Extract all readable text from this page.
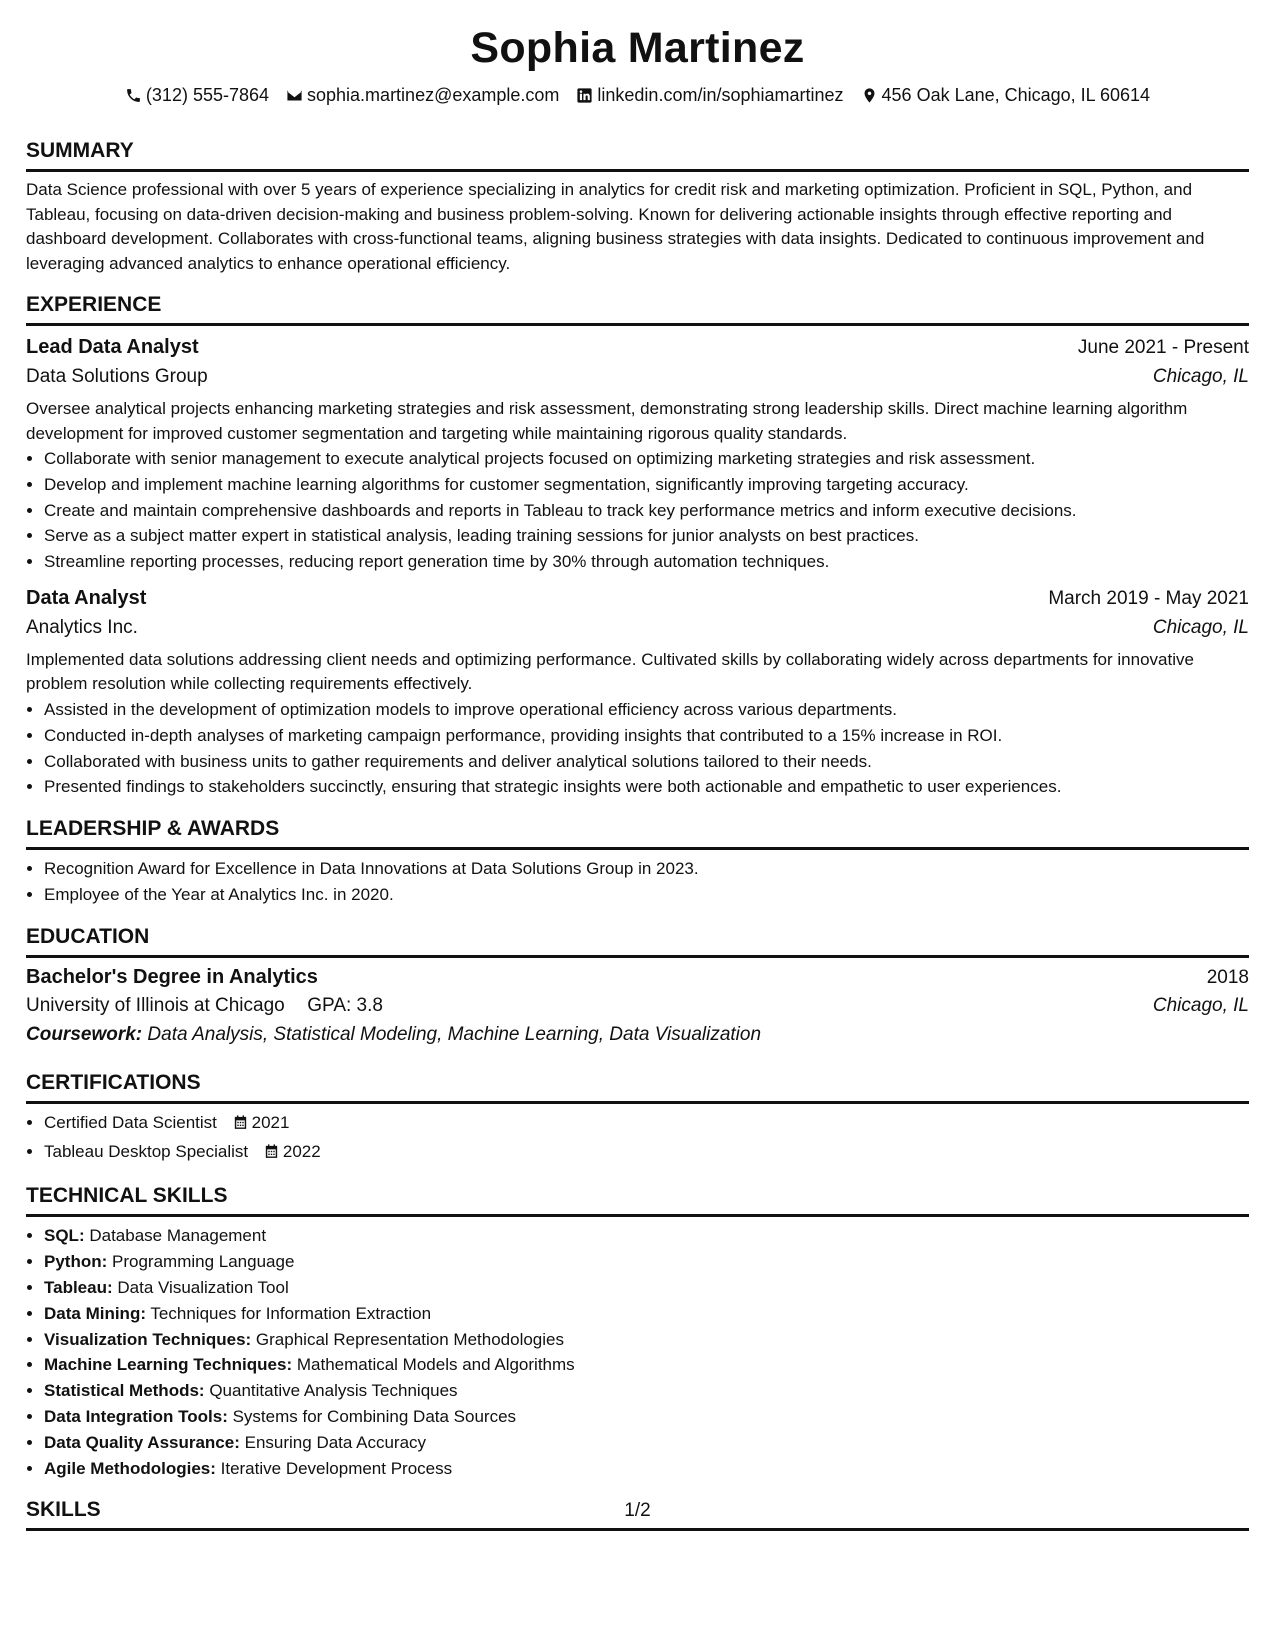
Sophia Martinez
(312) 555-7864 sophia.martinez@example.com linkedin.com/in/sophiamartinez 456 Oak Lane, Chicago, IL 60614
SUMMARY

Data Science professional with over 5 years of experience specializing in analytics for credit risk and marketing optimization. Proficient in SQL, Python, and Tableau, focusing on data-driven decision-making and business problem-solving. Known for delivering actionable insights through effective reporting and dashboard development. Collaborates with cross-functional teams, aligning business strategies with data insights. Dedicated to continuous improvement and leveraging advanced analytics to enhance operational efficiency.

EXPERIENCE
Lead Data Analyst	June 2021 - Present
Data Solutions Group	Chicago, IL

Oversee analytical projects enhancing marketing strategies and risk assessment, demonstrating strong leadership skills. Direct machine learning algorithm development for improved customer segmentation and targeting while maintaining rigorous quality standards.

• Collaborate with senior management to execute analytical projects focused on optimizing marketing strategies and risk assessment.
• Develop and implement machine learning algorithms for customer segmentation, significantly improving targeting accuracy.
• Create and maintain comprehensive dashboards and reports in Tableau to track key performance metrics and inform executive decisions.
• Serve as a subject matter expert in statistical analysis, leading training sessions for junior analysts on best practices.
• Streamline reporting processes, reducing report generation time by 30% through automation techniques.
Data Analyst	March 2019 - May 2021
Analytics Inc.	Chicago, IL

Implemented data solutions addressing client needs and optimizing performance. Cultivated skills by collaborating widely across departments for innovative problem resolution while collecting requirements effectively.

• Assisted in the development of optimization models to improve operational efficiency across various departments.
• Conducted in-depth analyses of marketing campaign performance, providing insights that contributed to a 15% increase in ROI.
• Collaborated with business units to gather requirements and deliver analytical solutions tailored to their needs.
• Presented findings to stakeholders succinctly, ensuring that strategic insights were both actionable and empathetic to user experiences.
LEADERSHIP & AWARDS
• Recognition Award for Excellence in Data Innovations at Data Solutions Group in 2023.
• Employee of the Year at Analytics Inc. in 2020.
EDUCATION
Bachelor's Degree in Analytics	2018
University of Illinois at Chicago GPA: 3.8	Chicago, IL
Coursework: Data Analysis, Statistical Modeling, Machine Learning, Data Visualization
CERTIFICATIONS
• Certified Data Scientist 2021
• Tableau Desktop Specialist 2022
TECHNICAL SKILLS
• SQL: Database Management
• Python: Programming Language
• Tableau: Data Visualization Tool
• Data Mining: Techniques for Information Extraction
• Visualization Techniques: Graphical Representation Methodologies
• Machine Learning Techniques: Mathematical Models and Algorithms
• Statistical Methods: Quantitative Analysis Techniques
• Data Integration Tools: Systems for Combining Data Sources
• Data Quality Assurance: Ensuring Data Accuracy
• Agile Methodologies: Iterative Development Process
SKILLS	1/2
